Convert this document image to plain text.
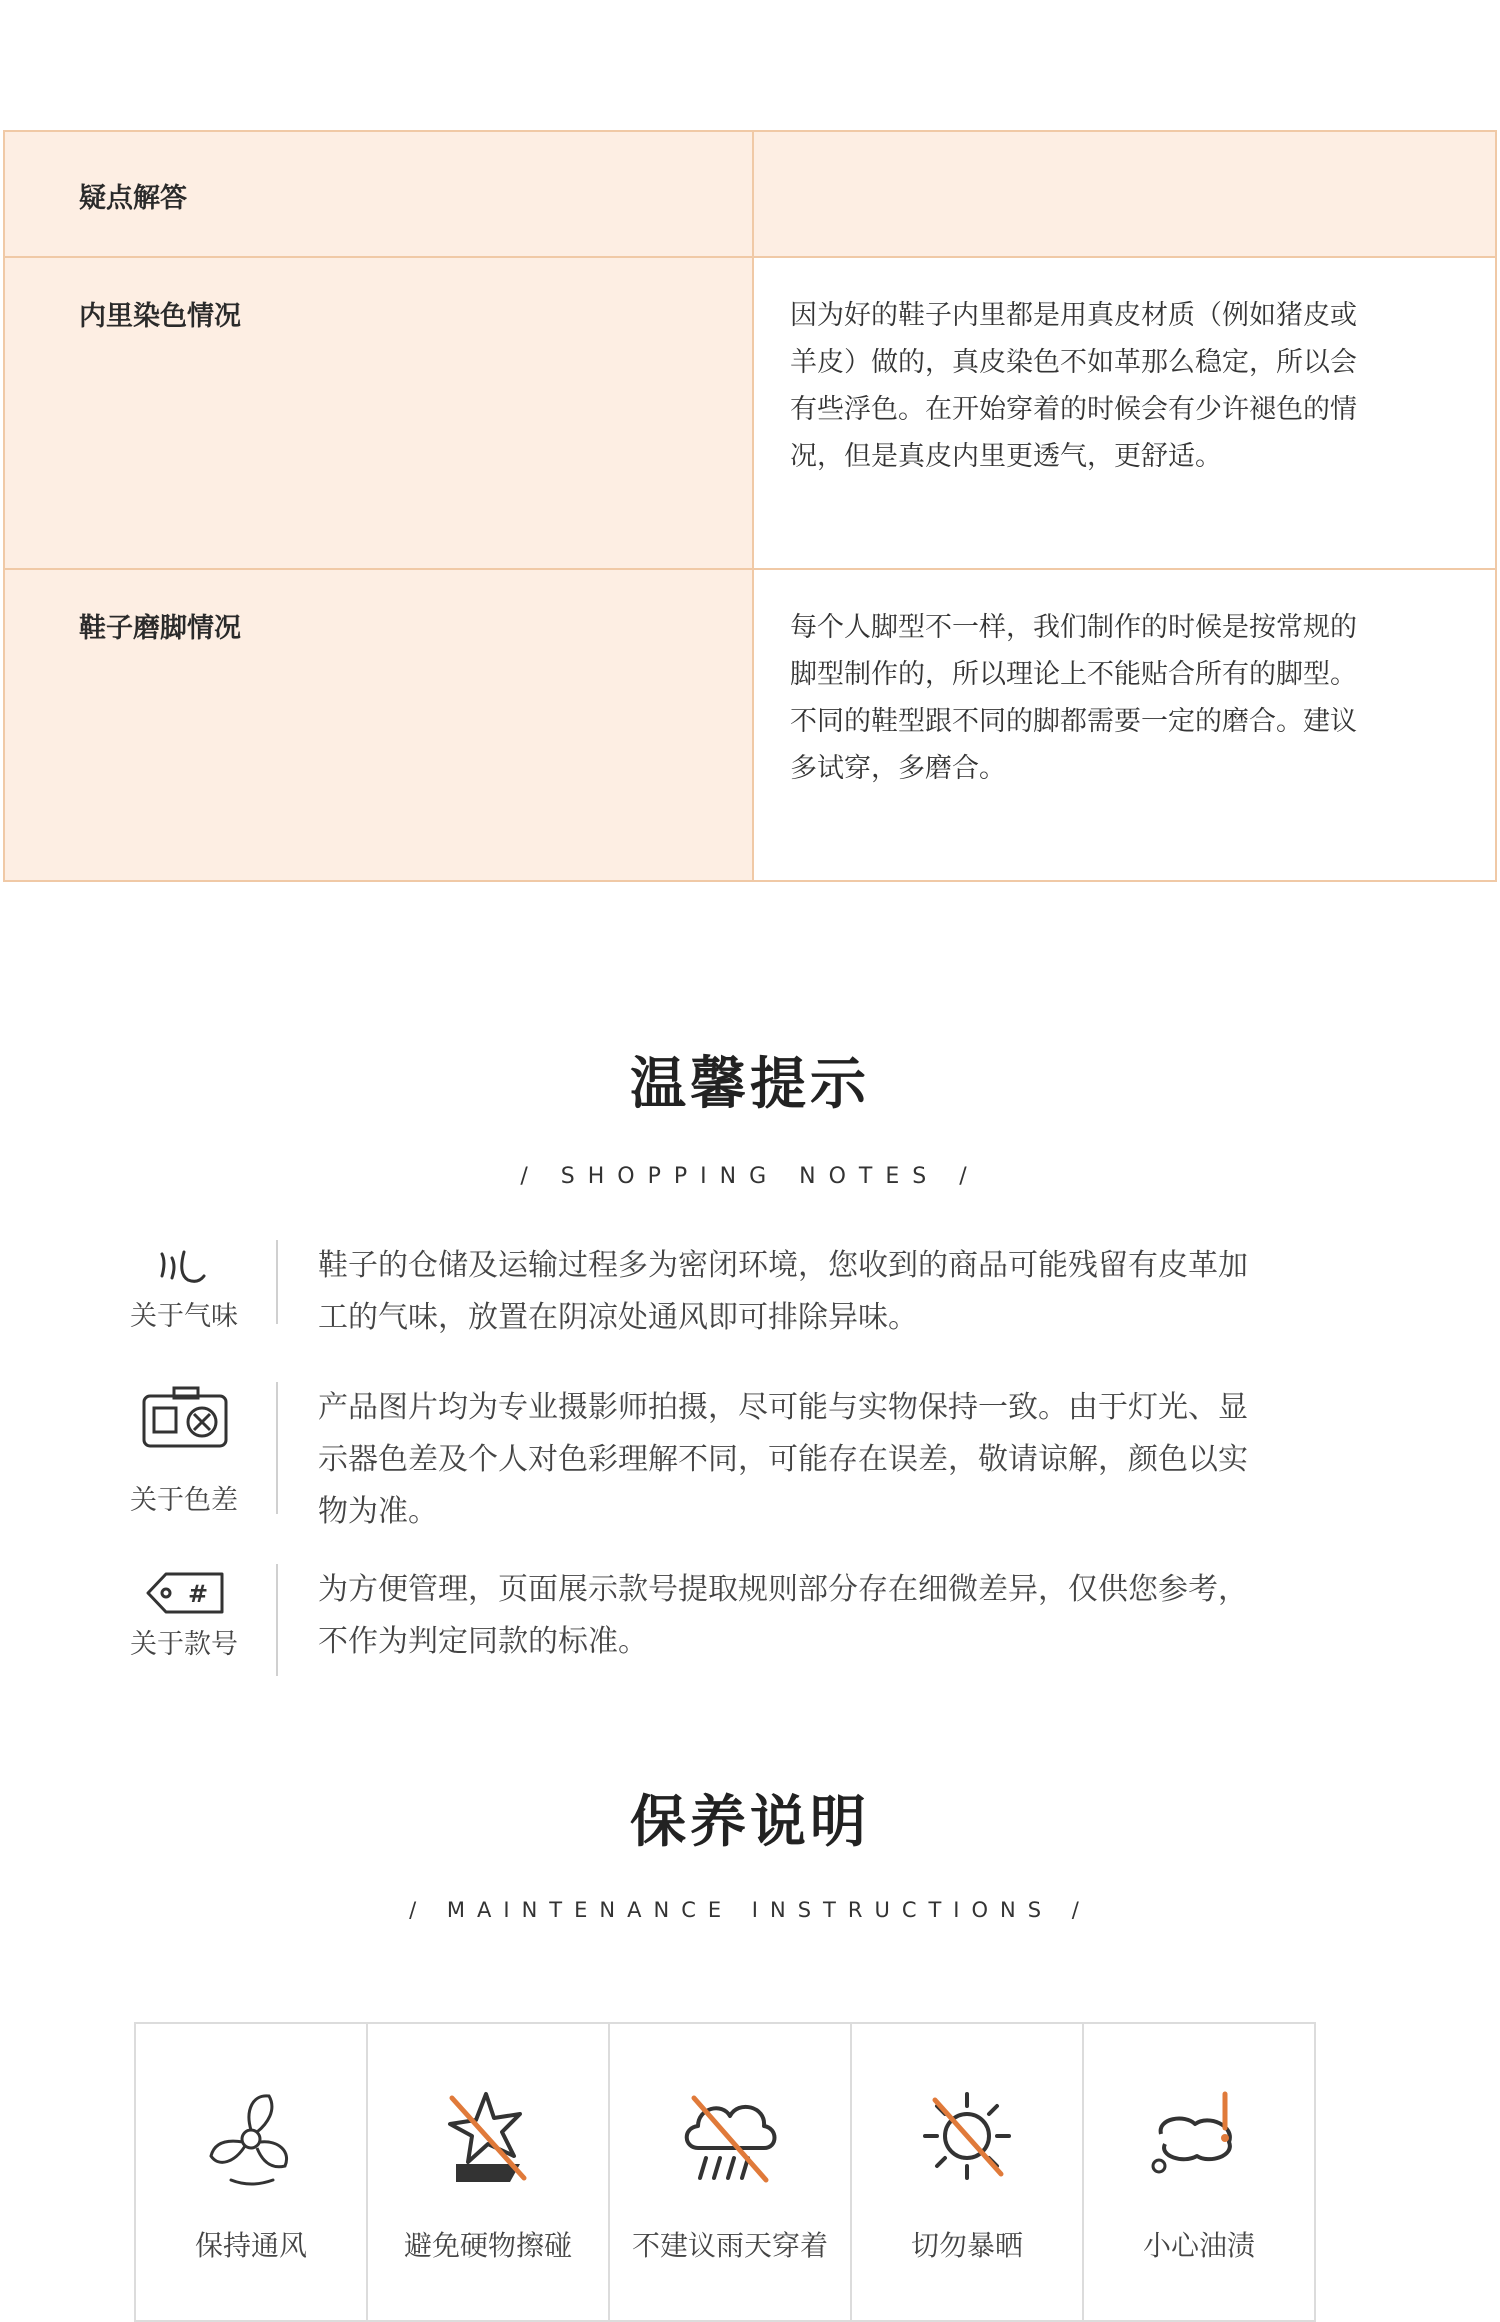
疑点解答
内里染色情况	因为好的鞋子内里都是用真皮材质（例如猪皮或
羊皮）做的，真皮染色不如革那么稳定，所以会
有些浮色。在开始穿着的时候会有少许褪色的情
况，但是真皮内里更透气，更舒适。
鞋子磨脚情况	每个人脚型不一样，我们制作的时候是按常规的
脚型制作的，所以理论上不能贴合所有的脚型。
不同的鞋型跟不同的脚都需要一定的磨合。建议
多试穿，多磨合。
温馨提示
/ SHOPPING NOTES /
关于气味
鞋子的仓储及运输过程多为密闭环境，您收到的商品可能残留有皮革加
工的气味，放置在阴凉处通风即可排除异味。
关于色差
产品图片均为专业摄影师拍摄，尽可能与实物保持一致。由于灯光、显
示器色差及个人对色彩理解不同，可能存在误差，敬请谅解，颜色以实
物为准。
#
关于款号
为方便管理，页面展示款号提取规则部分存在细微差异，仅供您参考，
不作为判定同款的标准。
保养说明
/ MAINTENANCE INSTRUCTIONS /
保持通风	避免硬物擦碰	不建议雨天穿着	切勿暴晒	小心油渍
